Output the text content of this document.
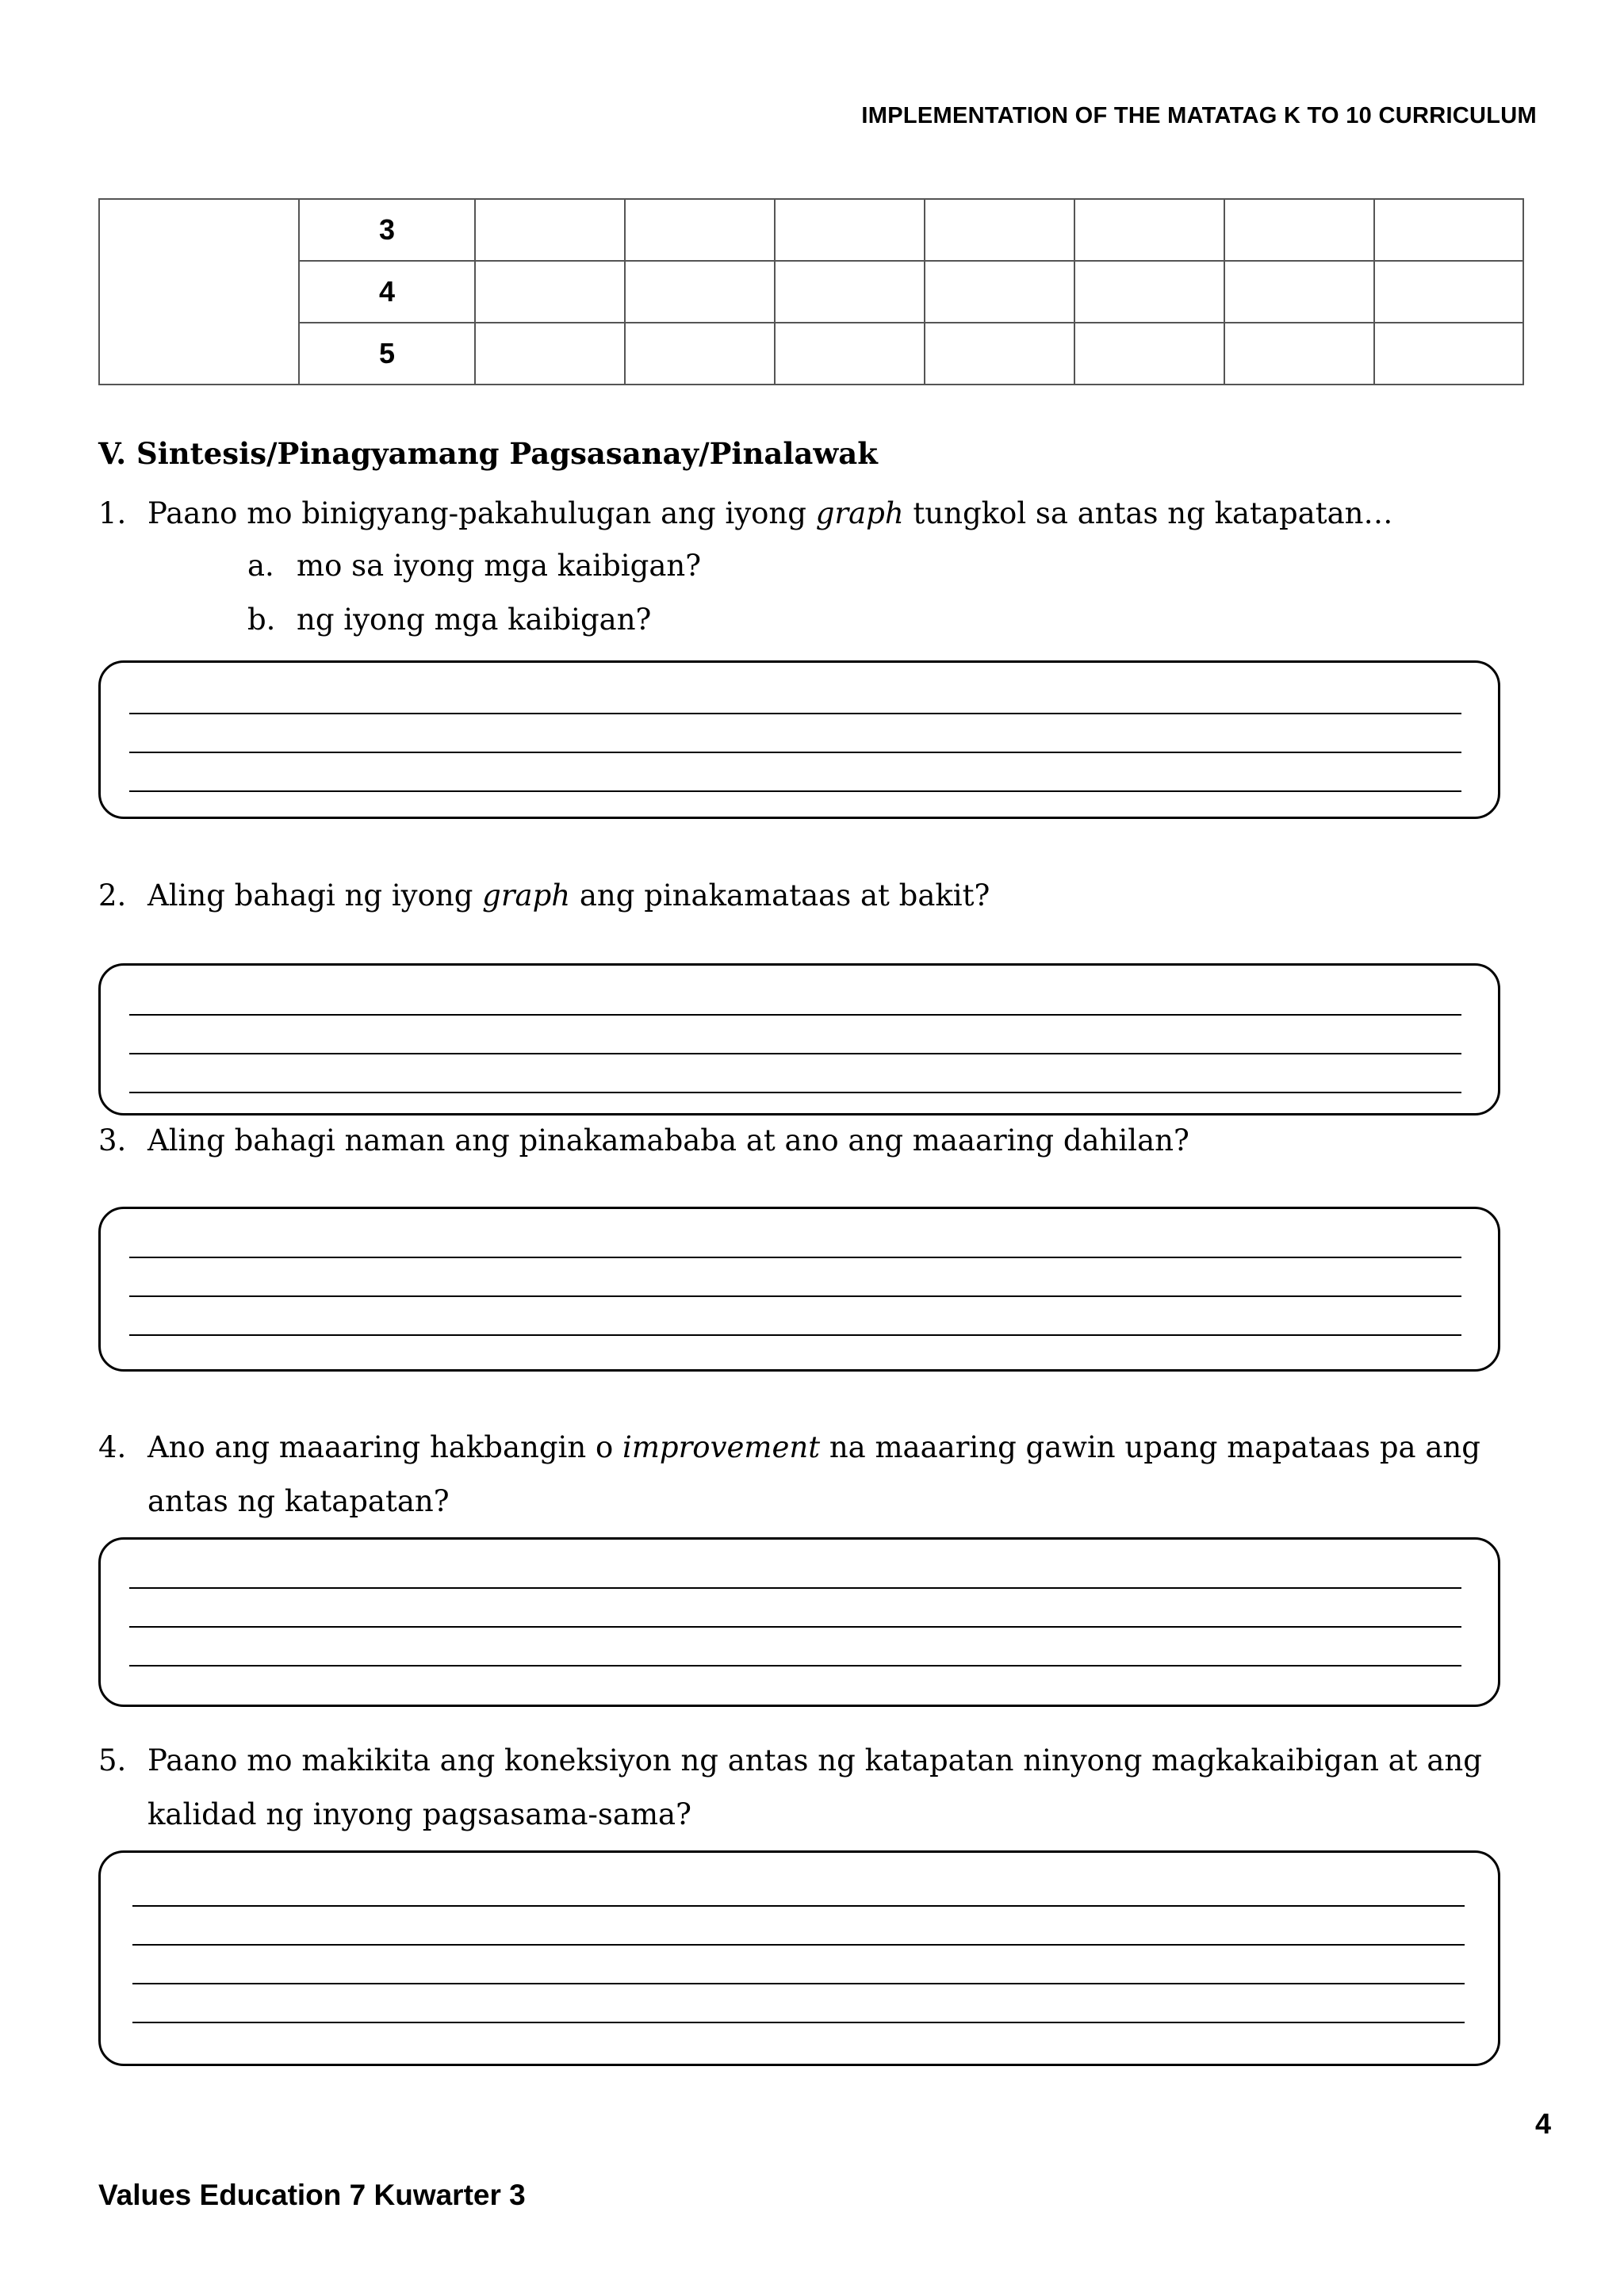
IMPLEMENTATION OF THE MATATAG K TO 10 CURRICULUM
	3							
	4							
	5							
V. Sintesis/Pinagyamang Pagsasanay/Pinalawak
1. Paano mo binigyang-pakahulugan ang iyong graph tungkol sa antas ng katapatan…
a. mo sa iyong mga kaibigan?
b. ng iyong mga kaibigan?
2. Aling bahagi ng iyong graph ang pinakamataas at bakit?
3. Aling bahagi naman ang pinakamababa at ano ang maaaring dahilan?
4. Ano ang maaaring hakbangin o improvement na maaaring gawin upang mapataas pa ang antas ng katapatan?
5. Paano mo makikita ang koneksiyon ng antas ng katapatan ninyong magkakaibigan at ang kalidad ng inyong pagsasama-sama?
4
Values Education 7 Kuwarter 3
